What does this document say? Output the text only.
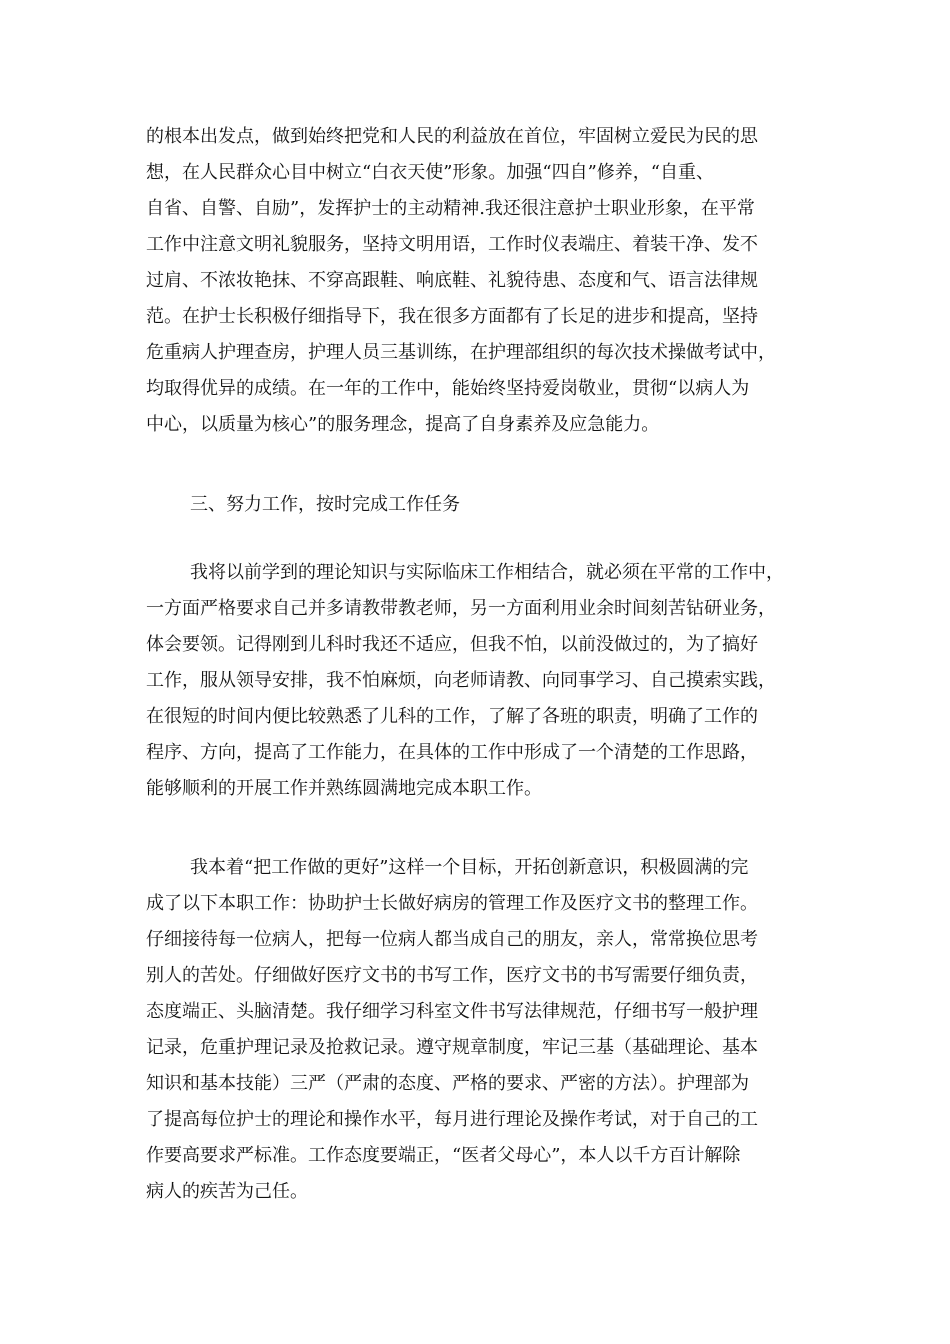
的根本出发点，做到始终把党和人民的利益放在首位，牢固树立爱民为民的思
想，在人民群众心目中树立“白衣天使”形象。加强“四自”修养，“自重、
自省、自警、自励”，发挥护士的主动精神.我还很注意护士职业形象，在平常
工作中注意文明礼貌服务，坚持文明用语，工作时仪表端庄、着装干净、发不
过肩、不浓妆艳抹、不穿高跟鞋、响底鞋、礼貌待患、态度和气、语言法律规
范。在护士长积极仔细指导下，我在很多方面都有了长足的进步和提高，坚持
危重病人护理查房，护理人员三基训练，在护理部组织的每次技术操做考试中，
均取得优异的成绩。在一年的工作中，能始终坚持爱岗敬业，贯彻“以病人为
中心，以质量为核心”的服务理念，提高了自身素养及应急能力。
三、努力工作，按时完成工作任务
我将以前学到的理论知识与实际临床工作相结合，就必须在平常的工作中，
一方面严格要求自己并多请教带教老师，另一方面利用业余时间刻苦钻研业务，
体会要领。记得刚到儿科时我还不适应，但我不怕，以前没做过的，为了搞好
工作，服从领导安排，我不怕麻烦，向老师请教、向同事学习、自己摸索实践，
在很短的时间内便比较熟悉了儿科的工作，了解了各班的职责，明确了工作的
程序、方向，提高了工作能力，在具体的工作中形成了一个清楚的工作思路，
能够顺利的开展工作并熟练圆满地完成本职工作。
我本着“把工作做的更好”这样一个目标，开拓创新意识，积极圆满的完
成了以下本职工作：协助护士长做好病房的管理工作及医疗文书的整理工作。
仔细接待每一位病人，把每一位病人都当成自己的朋友，亲人，常常换位思考
别人的苦处。仔细做好医疗文书的书写工作，医疗文书的书写需要仔细负责，
态度端正、头脑清楚。我仔细学习科室文件书写法律规范，仔细书写一般护理
记录，危重护理记录及抢救记录。遵守规章制度，牢记三基（基础理论、基本
知识和基本技能）三严（严肃的态度、严格的要求、严密的方法）。护理部为
了提高每位护士的理论和操作水平，每月进行理论及操作考试，对于自己的工
作要高要求严标准。工作态度要端正，“医者父母心”，本人以千方百计解除
病人的疾苦为己任。
